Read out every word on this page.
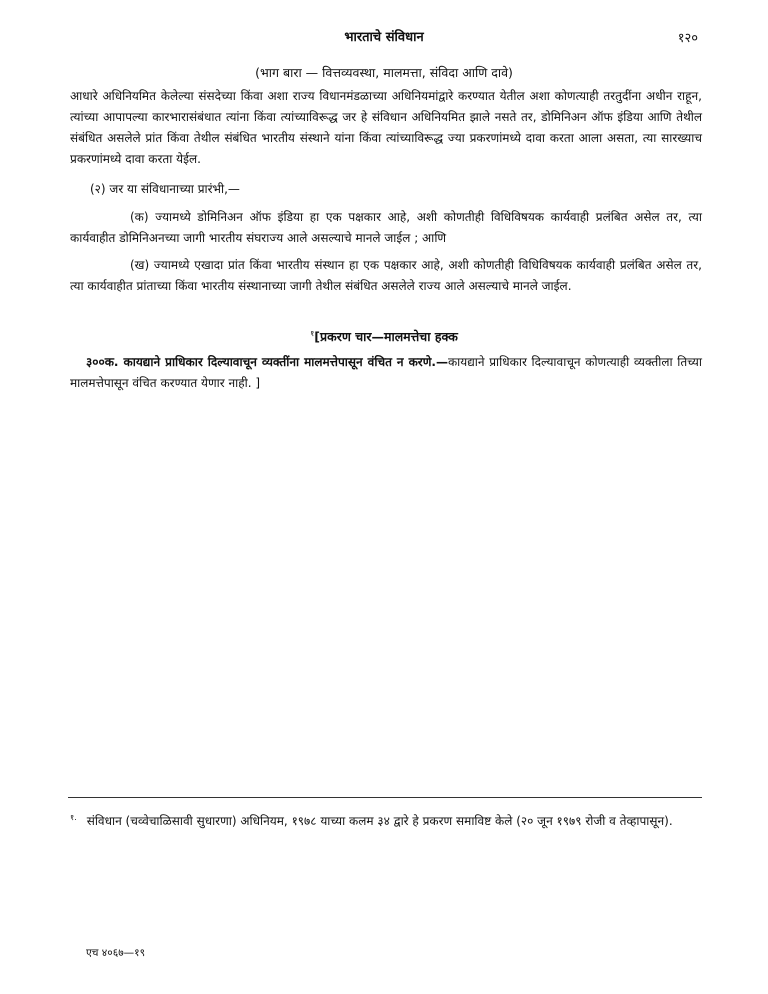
भारताचे संविधान	१२०
(भाग बारा — वित्तव्यवस्था, मालमत्ता, संविदा आणि दावे)
आधारे अधिनियमित केलेल्या संसदेच्या किंवा अशा राज्य विधानमंडळाच्या अधिनियमांद्वारे करण्यात येतील अशा कोणत्याही तरतुदींना अधीन राहून, त्यांच्या आपापल्या कारभारासंबंधात त्यांना किंवा त्यांच्याविरूद्ध जर हे संविधान अधिनियमित झाले नसते तर, डोमिनिअन ऑफ इंडिया आणि तेथील संबंधित असलेले प्रांत किंवा तेथील संबंधित भारतीय संस्थाने यांना किंवा त्यांच्याविरूद्ध ज्या प्रकरणांमध्ये दावा करता आला असता, त्या सारख्याच प्रकरणांमध्ये दावा करता येईल.
(२) जर या संविधानाच्या प्रारंभी,—
(क) ज्यामध्ये डोमिनिअन ऑफ इंडिया हा एक पक्षकार आहे, अशी कोणतीही विधिविषयक कार्यवाही प्रलंबित असेल तर, त्या कार्यवाहीत डोमिनिअनच्या जागी भारतीय संघराज्य आले असल्याचे मानले जाईल ; आणि
(ख) ज्यामध्ये एखादा प्रांत किंवा भारतीय संस्थान हा एक पक्षकार आहे, अशी कोणतीही विधिविषयक कार्यवाही प्रलंबित असेल तर, त्या कार्यवाहीत प्रांताच्या किंवा भारतीय संस्थानाच्या जागी तेथील संबंधित असलेले राज्य आले असल्याचे मानले जाईल.
$^१$[प्रकरण चार—मालमत्तेचा हक्क
३००क. कायद्याने प्राधिकार दिल्यावाचून व्यक्तींना मालमत्तेपासून वंचित न करणे.—कायद्याने प्राधिकार दिल्यावाचून कोणत्याही व्यक्तीला तिच्या मालमत्तेपासून वंचित करण्यात येणार नाही. ]
$^{१.}$ संविधान (चव्वेचाळिसावी सुधारणा) अधिनियम, १९७८ याच्या कलम ३४ द्वारे हे प्रकरण समाविष्ट केले (२० जून १९७९ रोजी व तेव्हापासून).
एच ४०६७—१९
